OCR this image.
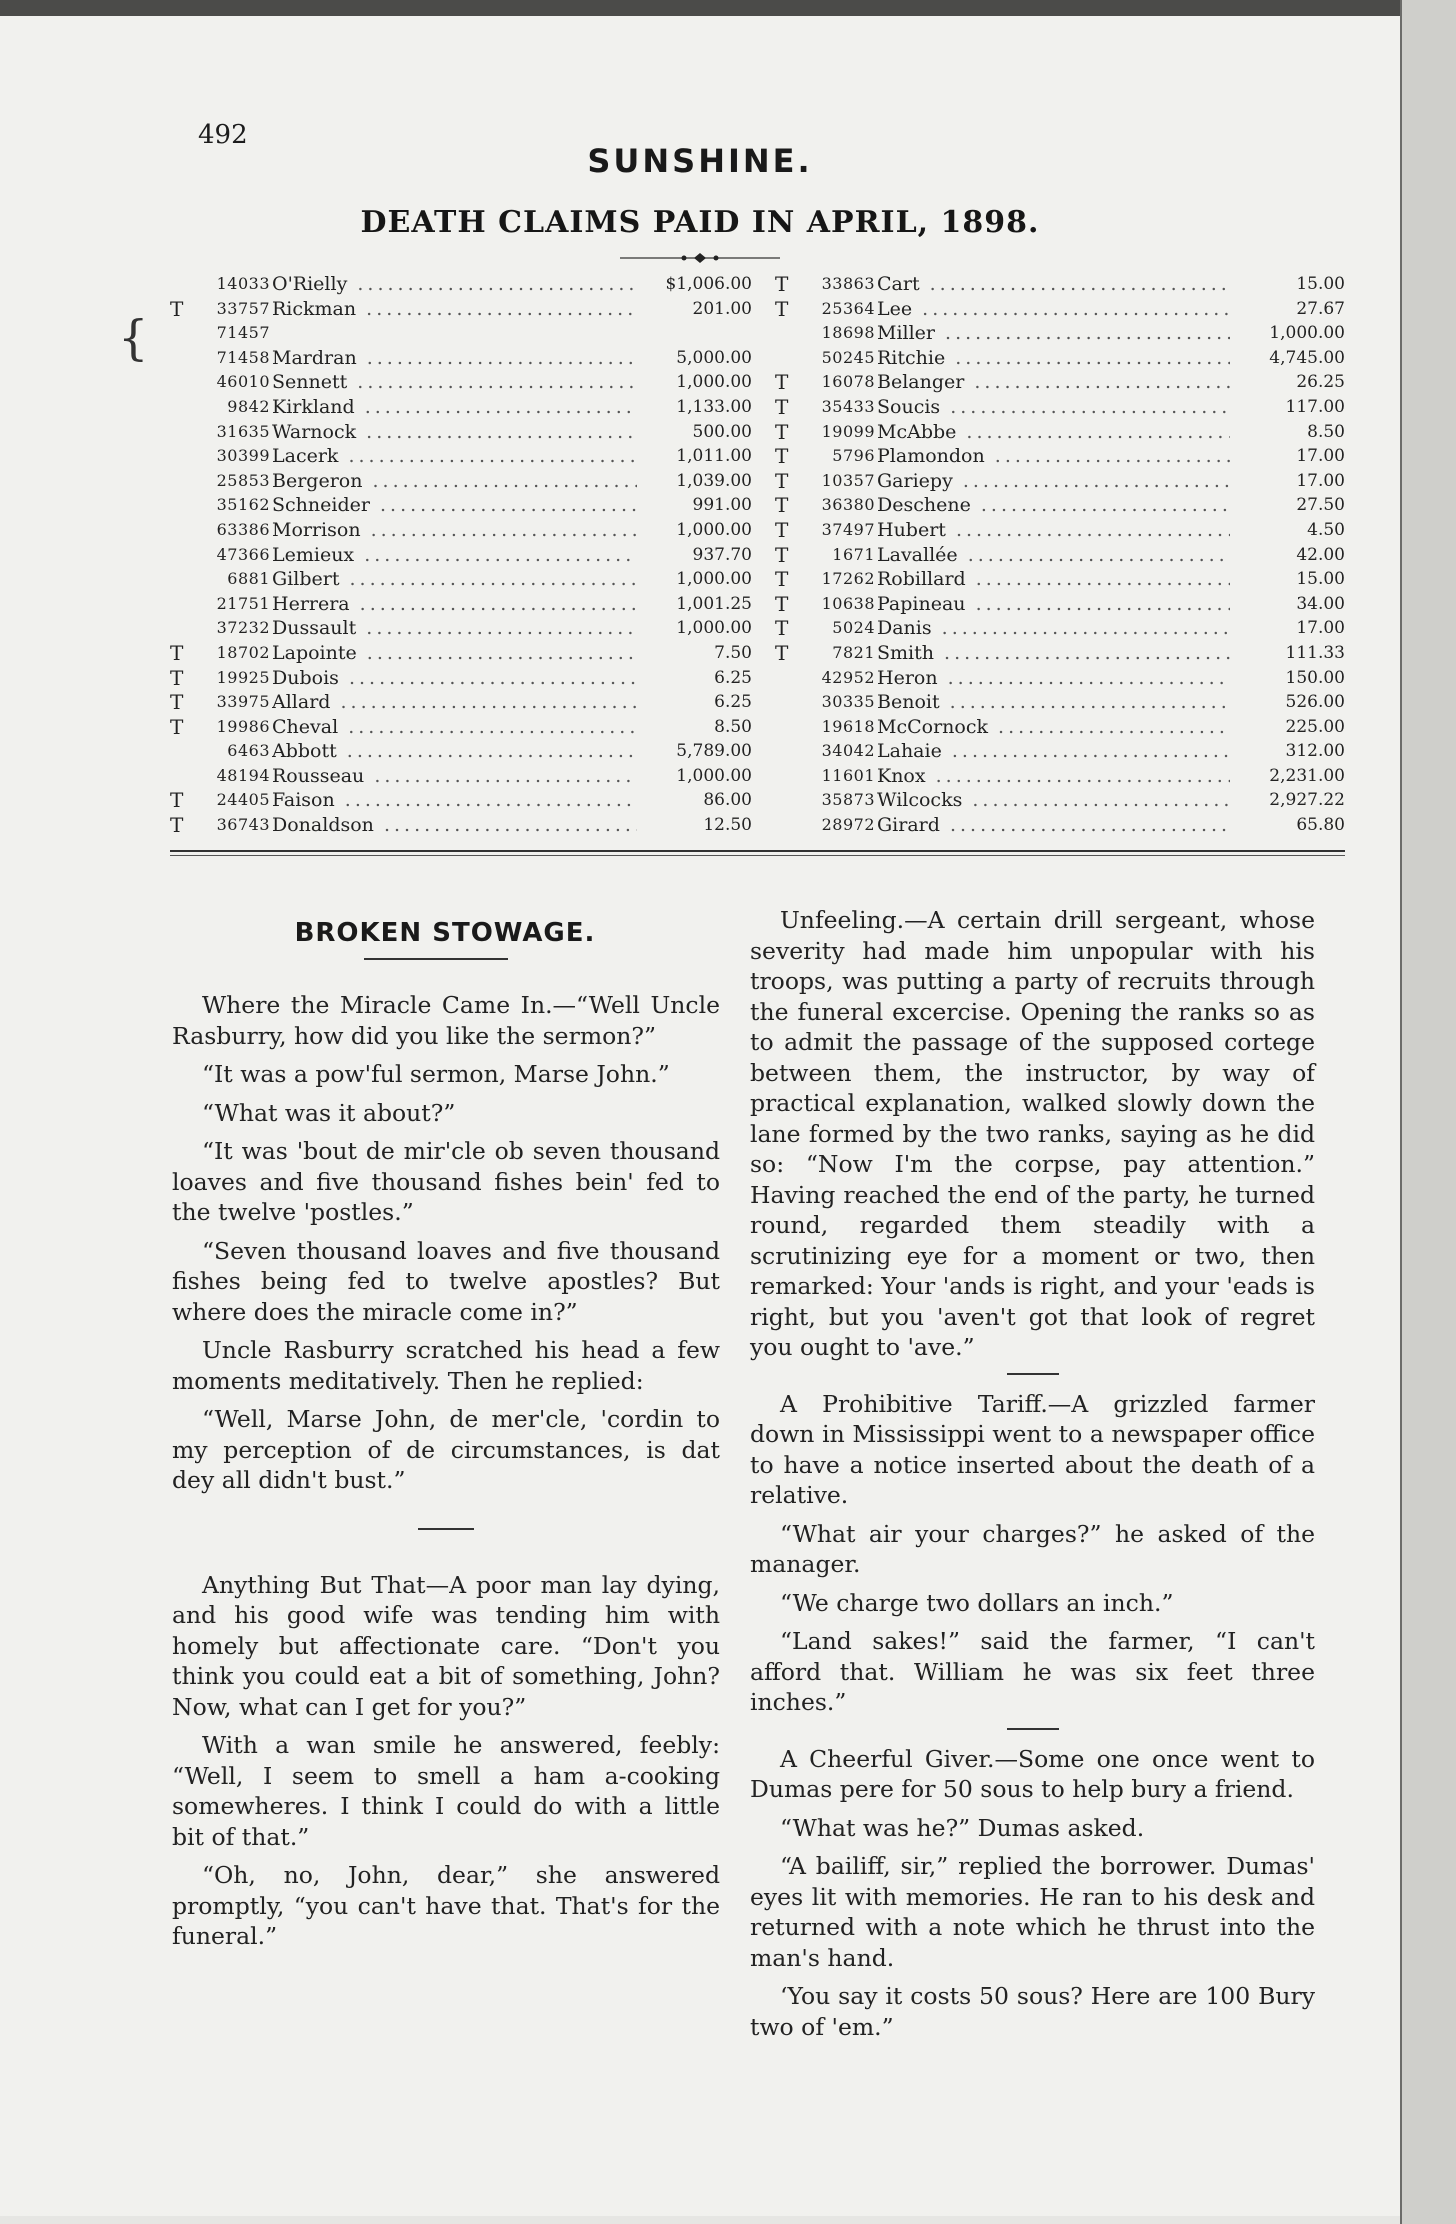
492
SUNSHINE.
DEATH CLAIMS PAID IN APRIL, 1898.
14033 O'Rielly .....	$1,006.00
T 33757 Rickman .....	201.00
71457
71458 Mardran .....	5,000.00
46010 Sennett .....	1,000.00
9842 Kirkland .....	1,133.00
31635 Warnock .....	500.00
30399 Lacerk .....	1,011.00
25853 Bergeron .....	1,039.00
35162 Schneider .....	991.00
63386 Morrison .....	1,000.00
47366 Lemieux .....	937.70
6881 Gilbert .....	1,000.00
21751 Herrera .....	1,001.25
37232 Dussault .....	1,000.00
T 18702 Lapointe .....	7.50
T 19925 Dubois .....	6.25
T 33975 Allard .....	6.25
T 19986 Cheval .....	8.50
6463 Abbott .....	5,789.00
48194 Rousseau .....	1,000.00
T 24405 Faison .....	86.00
T 36743 Donaldson .....	12.50
T 33863 Cart .....	15.00
T 25364 Lee .....	27.67
18698 Miller .....	1,000.00
50245 Ritchie .....	4,745.00
T 16078 Belanger .....	26.25
T 35433 Soucis .....	117.00
T 19099 McAbbe .....	8.50
T	5796 Plamondon .....	17.00
T 10357 Gariepy .....	17.00
T 36380 Deschene .....	27.50
T 37497 Hubert .....	4.50
T	1671 Lavallée .....	42.00
T 17262 Robillard .....	15.00
T 10638 Papineau .....	34.00
T	5024 Danis .....	17.00
T	7821 Smith .....	111.33
42952 Heron .....	150.00
30335 Benoit .....	526.00
19618 McCornock .....	225.00
34042 Lahaie .....	312.00
11601 Knox .....	2,231.00
35873 Wilcocks .....	2,927.22
28972 Girard .....	65.80
{
BROKEN STOWAGE.

Where the Miracle Came In.—“Well Uncle Rasburry, how did you like the sermon?”

“It was a pow'ful sermon, Marse John.”

“What was it about?”

“It was 'bout de mir'cle ob seven thousand loaves and five thousand fishes bein' fed to the twelve 'postles.”

“Seven thousand loaves and five thousand fishes being fed to twelve apostles? But where does the miracle come in?”

Uncle Rasburry scratched his head a few moments meditatively. Then he replied:

“Well, Marse John, de mer'cle, 'cordin to my perception of de circumstances, is dat dey all didn't bust.”

Anything But That—A poor man lay dying, and his good wife was tending him with homely but affectionate care. “Don't you think you could eat a bit of something, John? Now, what can I get for you?”

With a wan smile he answered, feebly: “Well, I seem to smell a ham a-cooking somewheres. I think I could do with a little bit of that.”

“Oh, no, John, dear,” she answered promptly, “you can't have that. That's for the funeral.”

Unfeeling.—A certain drill sergeant, whose severity had made him unpopular with his troops, was putting a party of recruits through the funeral excercise. Opening the ranks so as to admit the passage of the supposed cortege between them, the instructor, by way of practical explanation, walked slowly down the lane formed by the two ranks, saying as he did so: “Now I'm the corpse, pay attention.” Having reached the end of the party, he turned round, regarded them steadily with a scrutinizing eye for a moment or two, then remarked: Your 'ands is right, and your 'eads is right, but you 'aven't got that look of regret you ought to 'ave.”

A Prohibitive Tariff.—A grizzled farmer down in Mississippi went to a newspaper office to have a notice inserted about the death of a relative.

“What air your charges?” he asked of the manager.

“We charge two dollars an inch.”

“Land sakes!” said the farmer, “I can't afford that. William he was six feet three inches.”

A Cheerful Giver.—Some one once went to Dumas pere for 50 sous to help bury a friend.

“What was he?” Dumas asked.

“A bailiff, sir,” replied the borrower. Dumas' eyes lit with memories. He ran to his desk and returned with a note which he thrust into the man's hand.

‘You say it costs 50 sous? Here are 100 Bury two of 'em.”
